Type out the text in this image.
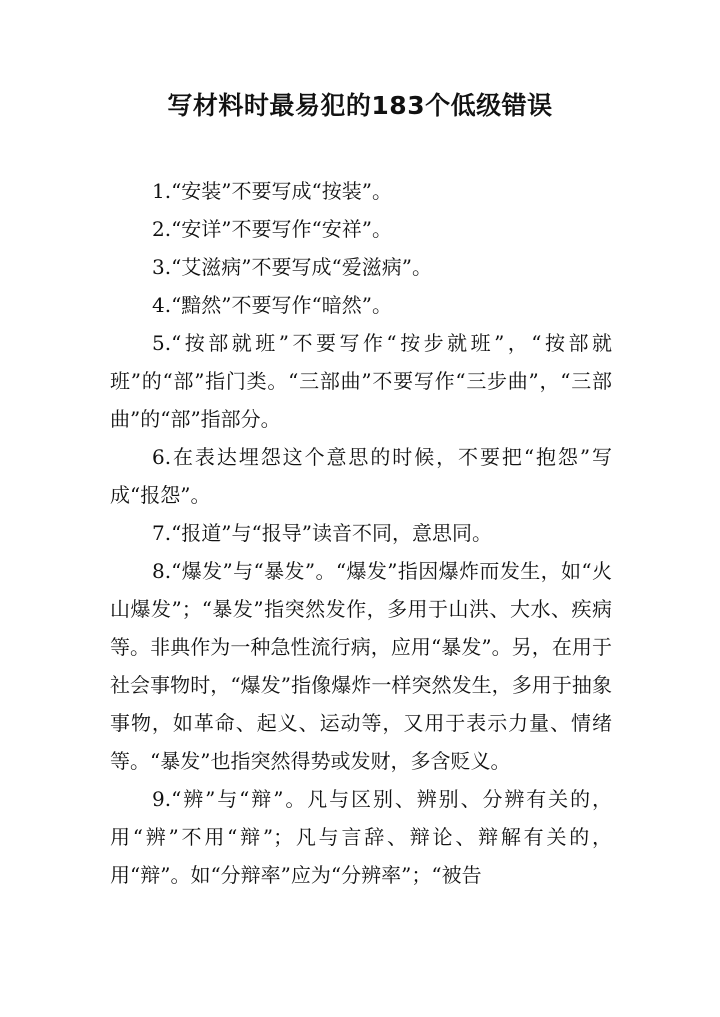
写材料时最易犯的183个低级错误

1.“安装”不要写成“按装”。

2.“安详”不要写作“安祥”。

3.“艾滋病”不要写成“爱滋病”。

4.“黯然”不要写作“暗然”。

5.“按部就班”不要写作“按步就班”，“按部就班”的“部”指门类。“三部曲”不要写作“三步曲”，“三部曲”的“部”指部分。

6.在表达埋怨这个意思的时候，不要把“抱怨”写成“报怨”。

7.“报道”与“报导”读音不同，意思同。

8.“爆发”与“暴发”。“爆发”指因爆炸而发生，如“火山爆发”；“暴发”指突然发作，多用于山洪、大水、疾病等。非典作为一种急性流行病，应用“暴发”。另，在用于社会事物时，“爆发”指像爆炸一样突然发生，多用于抽象事物，如革命、起义、运动等，又用于表示力量、情绪等。“暴发”也指突然得势或发财，多含贬义。

9.“辨”与“辩”。凡与区别、辨别、分辨有关的，用“辨”不用“辩”；凡与言辞、辩论、辩解有关的，用“辩”。如“分辩率”应为“分辨率”；“被告
